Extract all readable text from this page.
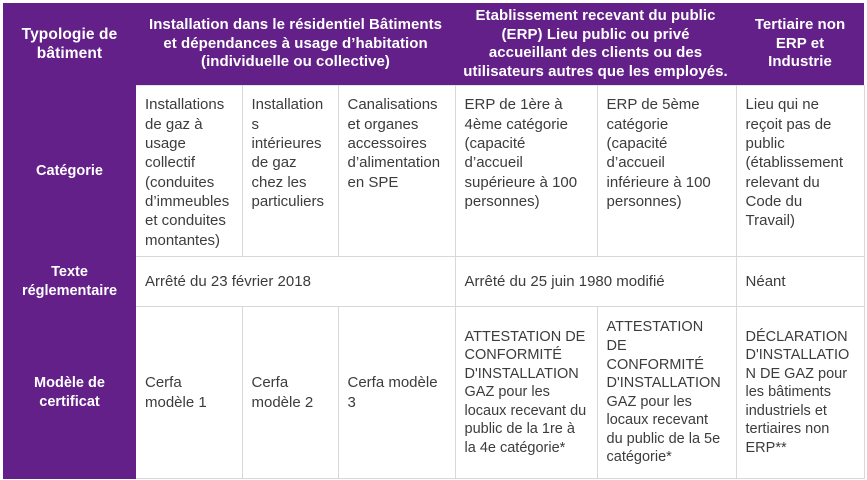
Typologie de bâtiment	Installation dans le résidentiel Bâtiments et dépendances à usage d’habitation (individuelle ou collective)			Etablissement recevant du public (ERP) Lieu public ou privé accueillant des clients ou des utilisateurs autres que les employés.		Tertiaire non ERP et Industrie
Catégorie	Installations de gaz à usage collectif (conduites d’immeubles et conduites montantes)	Installations intérieures de gaz chez les particuliers	Canalisations et organes accessoires d’alimentation en SPE	ERP de 1ère à 4ème catégorie (capacité d’accueil supérieure à 100 personnes)	ERP de 5ème catégorie (capacité d’accueil inférieure à 100 personnes)	Lieu qui ne reçoit pas de public (établissement relevant du Code du Travail)
Texte réglementaire	Arrêté du 23 février 2018			Arrêté du 25 juin 1980 modifié		Néant
Modèle de certificat	Cerfa modèle 1	Cerfa modèle 2	Cerfa modèle 3	ATTESTATION DE CONFORMITÉ D'INSTALLATION GAZ pour les locaux recevant du public de la 1re à la 4e catégorie*	ATTESTATION DE CONFORMITÉ D'INSTALLATION GAZ pour les locaux recevant du public de la 5e catégorie*	DÉCLARATION D'INSTALLATION DE GAZ pour les bâtiments industriels et tertiaires non ERP**
